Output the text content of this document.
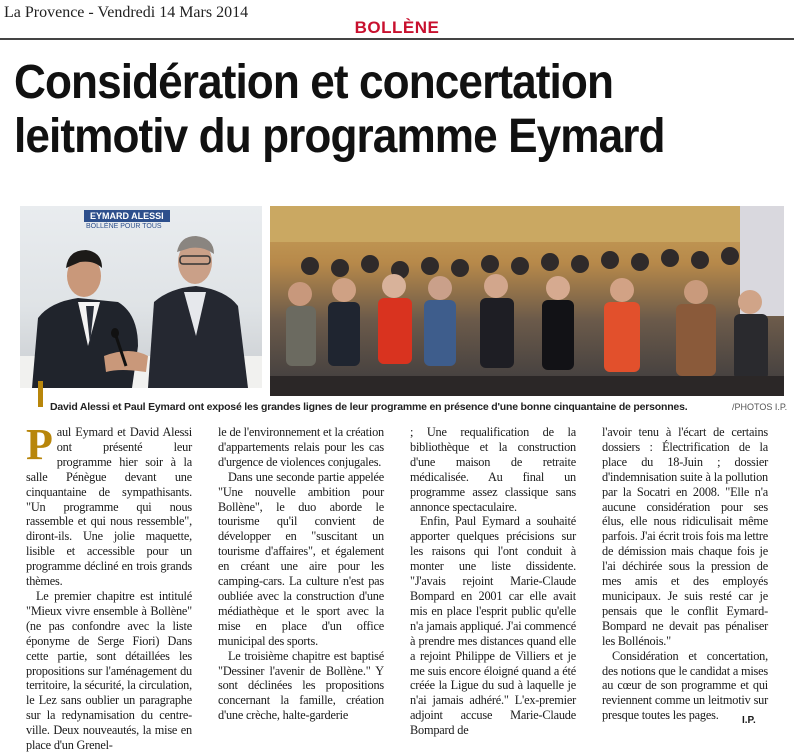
La Provence - Vendredi 14 Mars 2014
BOLLÈNE
Considération et concertation
leitmotiv du programme Eymard
EYMARD ALESSI
BOLLÈNE POUR TOUS
David Alessi et Paul Eymard ont exposé les grandes lignes de leur programme en présence d'une bonne cinquantaine de personnes.	/PHOTOS I.P.

Paul Eymard et David Alessi ont présenté leur programme hier soir à la salle Pénègue devant une cinquantaine de sympathisants. "Un programme qui nous rassemble et qui nous ressemble", diront-ils. Une jolie maquette, lisible et accessible pour un programme décliné en trois grands thèmes.

Le premier chapitre est intitulé "Mieux vivre ensemble à Bollène" (ne pas confondre avec la liste éponyme de Serge Fiori) Dans cette partie, sont détaillées les propositions sur l'aménagement du territoire, la sécurité, la circulation, le Lez sans oublier un paragraphe sur la redynamisation du centre-ville. Deux nouveautés, la mise en place d'un Grenel-

le de l'environnement et la création d'appartements relais pour les cas d'urgence de violences conjugales.

Dans une seconde partie appelée "Une nouvelle ambition pour Bollène", le duo aborde le tourisme qu'il convient de développer en "suscitant un tourisme d'affaires", et également en créant une aire pour les camping-cars. La culture n'est pas oubliée avec la construction d'une médiathèque et le sport avec la mise en place d'un office municipal des sports.

Le troisième chapitre est baptisé "Dessiner l'avenir de Bollène." Y sont déclinées les propositions concernant la famille, création d'une crèche, halte-garderie

; Une requalification de la bibliothèque et la construction d'une maison de retraite médicalisée. Au final un programme assez classique sans annonce spectaculaire.

Enfin, Paul Eymard a souhaité apporter quelques précisions sur les raisons qui l'ont conduit à monter une liste dissidente. "J'avais rejoint Marie-Claude Bompard en 2001 car elle avait mis en place l'esprit public qu'elle n'a jamais appliqué. J'ai commencé à prendre mes distances quand elle a rejoint Philippe de Villiers et je me suis encore éloigné quand a été créée la Ligue du sud à laquelle je n'ai jamais adhéré." L'ex-premier adjoint accuse Marie-Claude Bompard de

l'avoir tenu à l'écart de certains dossiers : Électrification de la place du 18-Juin ; dossier d'indemnisation suite à la pollution par la Socatri en 2008. "Elle n'a aucune considération pour ses élus, elle nous ridiculisait même parfois. J'ai écrit trois fois ma lettre de démission mais chaque fois je l'ai déchirée sous la pression de mes amis et des employés municipaux. Je suis resté car je pensais que le conflit Eymard-Bompard ne devait pas pénaliser les Bollénois."

Considération et concertation, des notions que le candidat a mises au cœur de son programme et qui reviennent comme un leitmotiv sur presque toutes les pages.	I.P.
